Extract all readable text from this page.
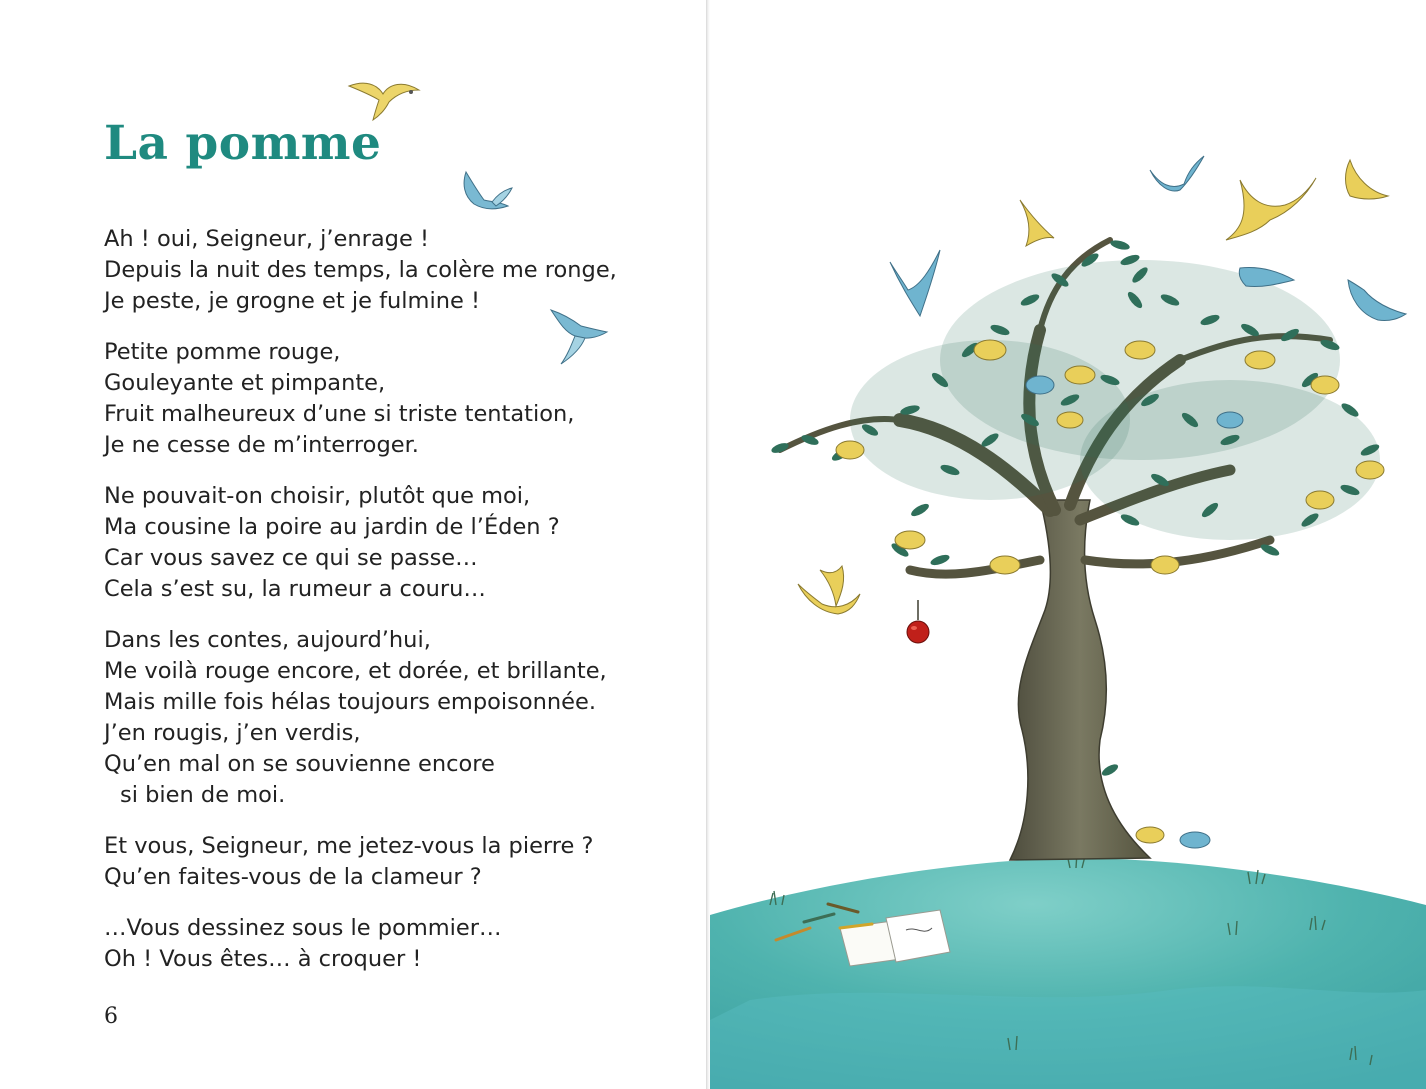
La pomme
Ah ! oui, Seigneur, j’enrage !
Depuis la nuit des temps, la colère me ronge,
Je peste, je grogne et je fulmine !
Petite pomme rouge,
Gouleyante et pimpante,
Fruit malheureux d’une si triste tentation,
Je ne cesse de m’interroger.
Ne pouvait-on choisir, plutôt que moi,
Ma cousine la poire au jardin de l’Éden ?
Car vous savez ce qui se passe…
Cela s’est su, la rumeur a couru…
Dans les contes, aujourd’hui,
Me voilà rouge encore, et dorée, et brillante,
Mais mille fois hélas toujours empoisonnée.
J’en rougis, j’en verdis,
Qu’en mal on se souvienne encore
si bien de moi.
Et vous, Seigneur, me jetez-vous la pierre ?
Qu’en faites-vous de la clameur ?
…Vous dessinez sous le pommier…
Oh ! Vous êtes… à croquer !
6
